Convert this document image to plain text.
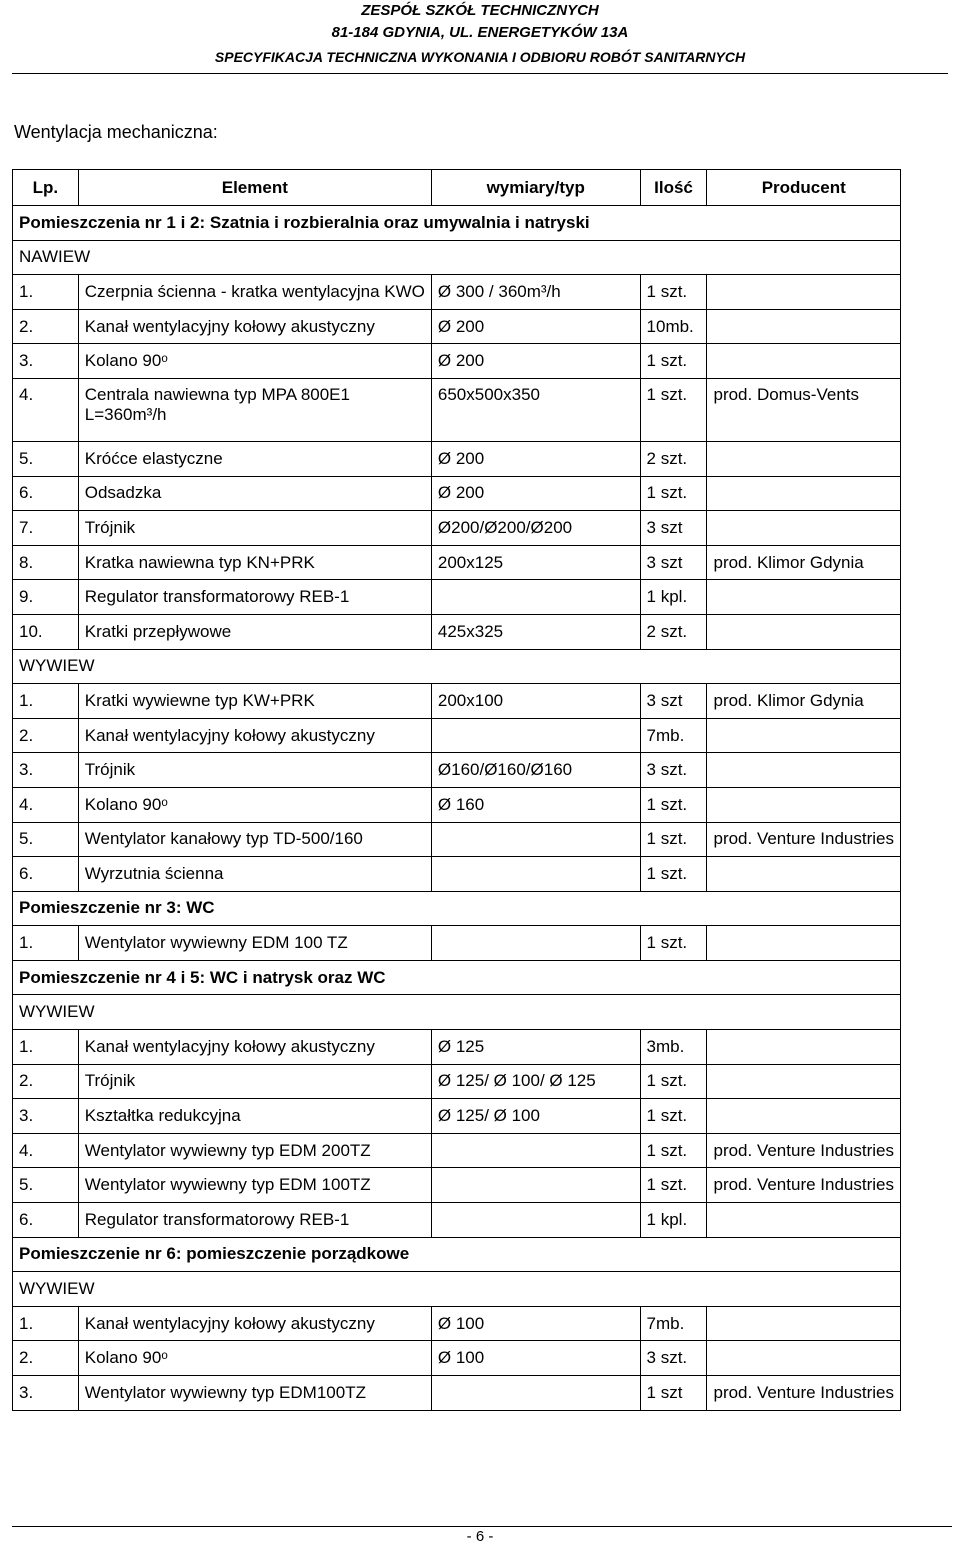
ZESPÓŁ SZKÓŁ TECHNICZNYCH
81-184 GDYNIA, UL. ENERGETYKÓW 13A
SPECYFIKACJA TECHNICZNA WYKONANIA I ODBIORU ROBÓT SANITARNYCH
Wentylacja mechaniczna:
Lp.	Element	wymiary/typ	Ilość	Producent
Pomieszczenia nr 1 i 2: Szatnia i rozbieralnia oraz umywalnia i natryski				
NAWIEW				
1.	Czerpnia ścienna - kratka wentylacyjna KWO	Ø 300 / 360m³/h	1 szt.	
2.	Kanał wentylacyjny kołowy akustyczny	Ø 200	10mb.	
3.	Kolano 90ᵒ	Ø 200	1 szt.	
4.	Centrala nawiewna typ MPA 800E1 L=360m³/h	650x500x350	1 szt.	prod. Domus-Vents
5.	Króćce elastyczne	Ø 200	2 szt.	
6.	Odsadzka	Ø 200	1 szt.	
7.	Trójnik	Ø200/Ø200/Ø200	3 szt	
8.	Kratka nawiewna typ KN+PRK	200x125	3 szt	prod. Klimor Gdynia
9.	Regulator transformatorowy REB-1		1 kpl.	
10.	Kratki przepływowe	425x325	2 szt.	
WYWIEW				
1.	Kratki wywiewne typ KW+PRK	200x100	3 szt	prod. Klimor Gdynia
2.	Kanał wentylacyjny kołowy akustyczny		7mb.	
3.	Trójnik	Ø160/Ø160/Ø160	3 szt.	
4.	Kolano 90ᵒ	Ø 160	1 szt.	
5.	Wentylator kanałowy typ TD-500/160		1 szt.	prod. Venture Industries
6.	Wyrzutnia ścienna		1 szt.	
Pomieszczenie nr 3: WC				
1.	Wentylator wywiewny EDM 100 TZ		1 szt.	
Pomieszczenie nr 4 i 5: WC i natrysk oraz WC				
WYWIEW				
1.	Kanał wentylacyjny kołowy akustyczny	Ø 125	3mb.	
2.	Trójnik	Ø 125/ Ø 100/ Ø 125	1 szt.	
3.	Kształtka redukcyjna	Ø 125/ Ø 100	1 szt.	
4.	Wentylator wywiewny typ EDM 200TZ		1 szt.	prod. Venture Industries
5.	Wentylator wywiewny typ EDM 100TZ		1 szt.	prod. Venture Industries
6.	Regulator transformatorowy REB-1		1 kpl.	
Pomieszczenie nr 6: pomieszczenie porządkowe				
WYWIEW				
1.	Kanał wentylacyjny kołowy akustyczny	Ø 100	7mb.	
2.	Kolano 90ᵒ	Ø 100	3 szt.	
3.	Wentylator wywiewny typ EDM100TZ		1 szt	prod. Venture Industries
- 6 -
